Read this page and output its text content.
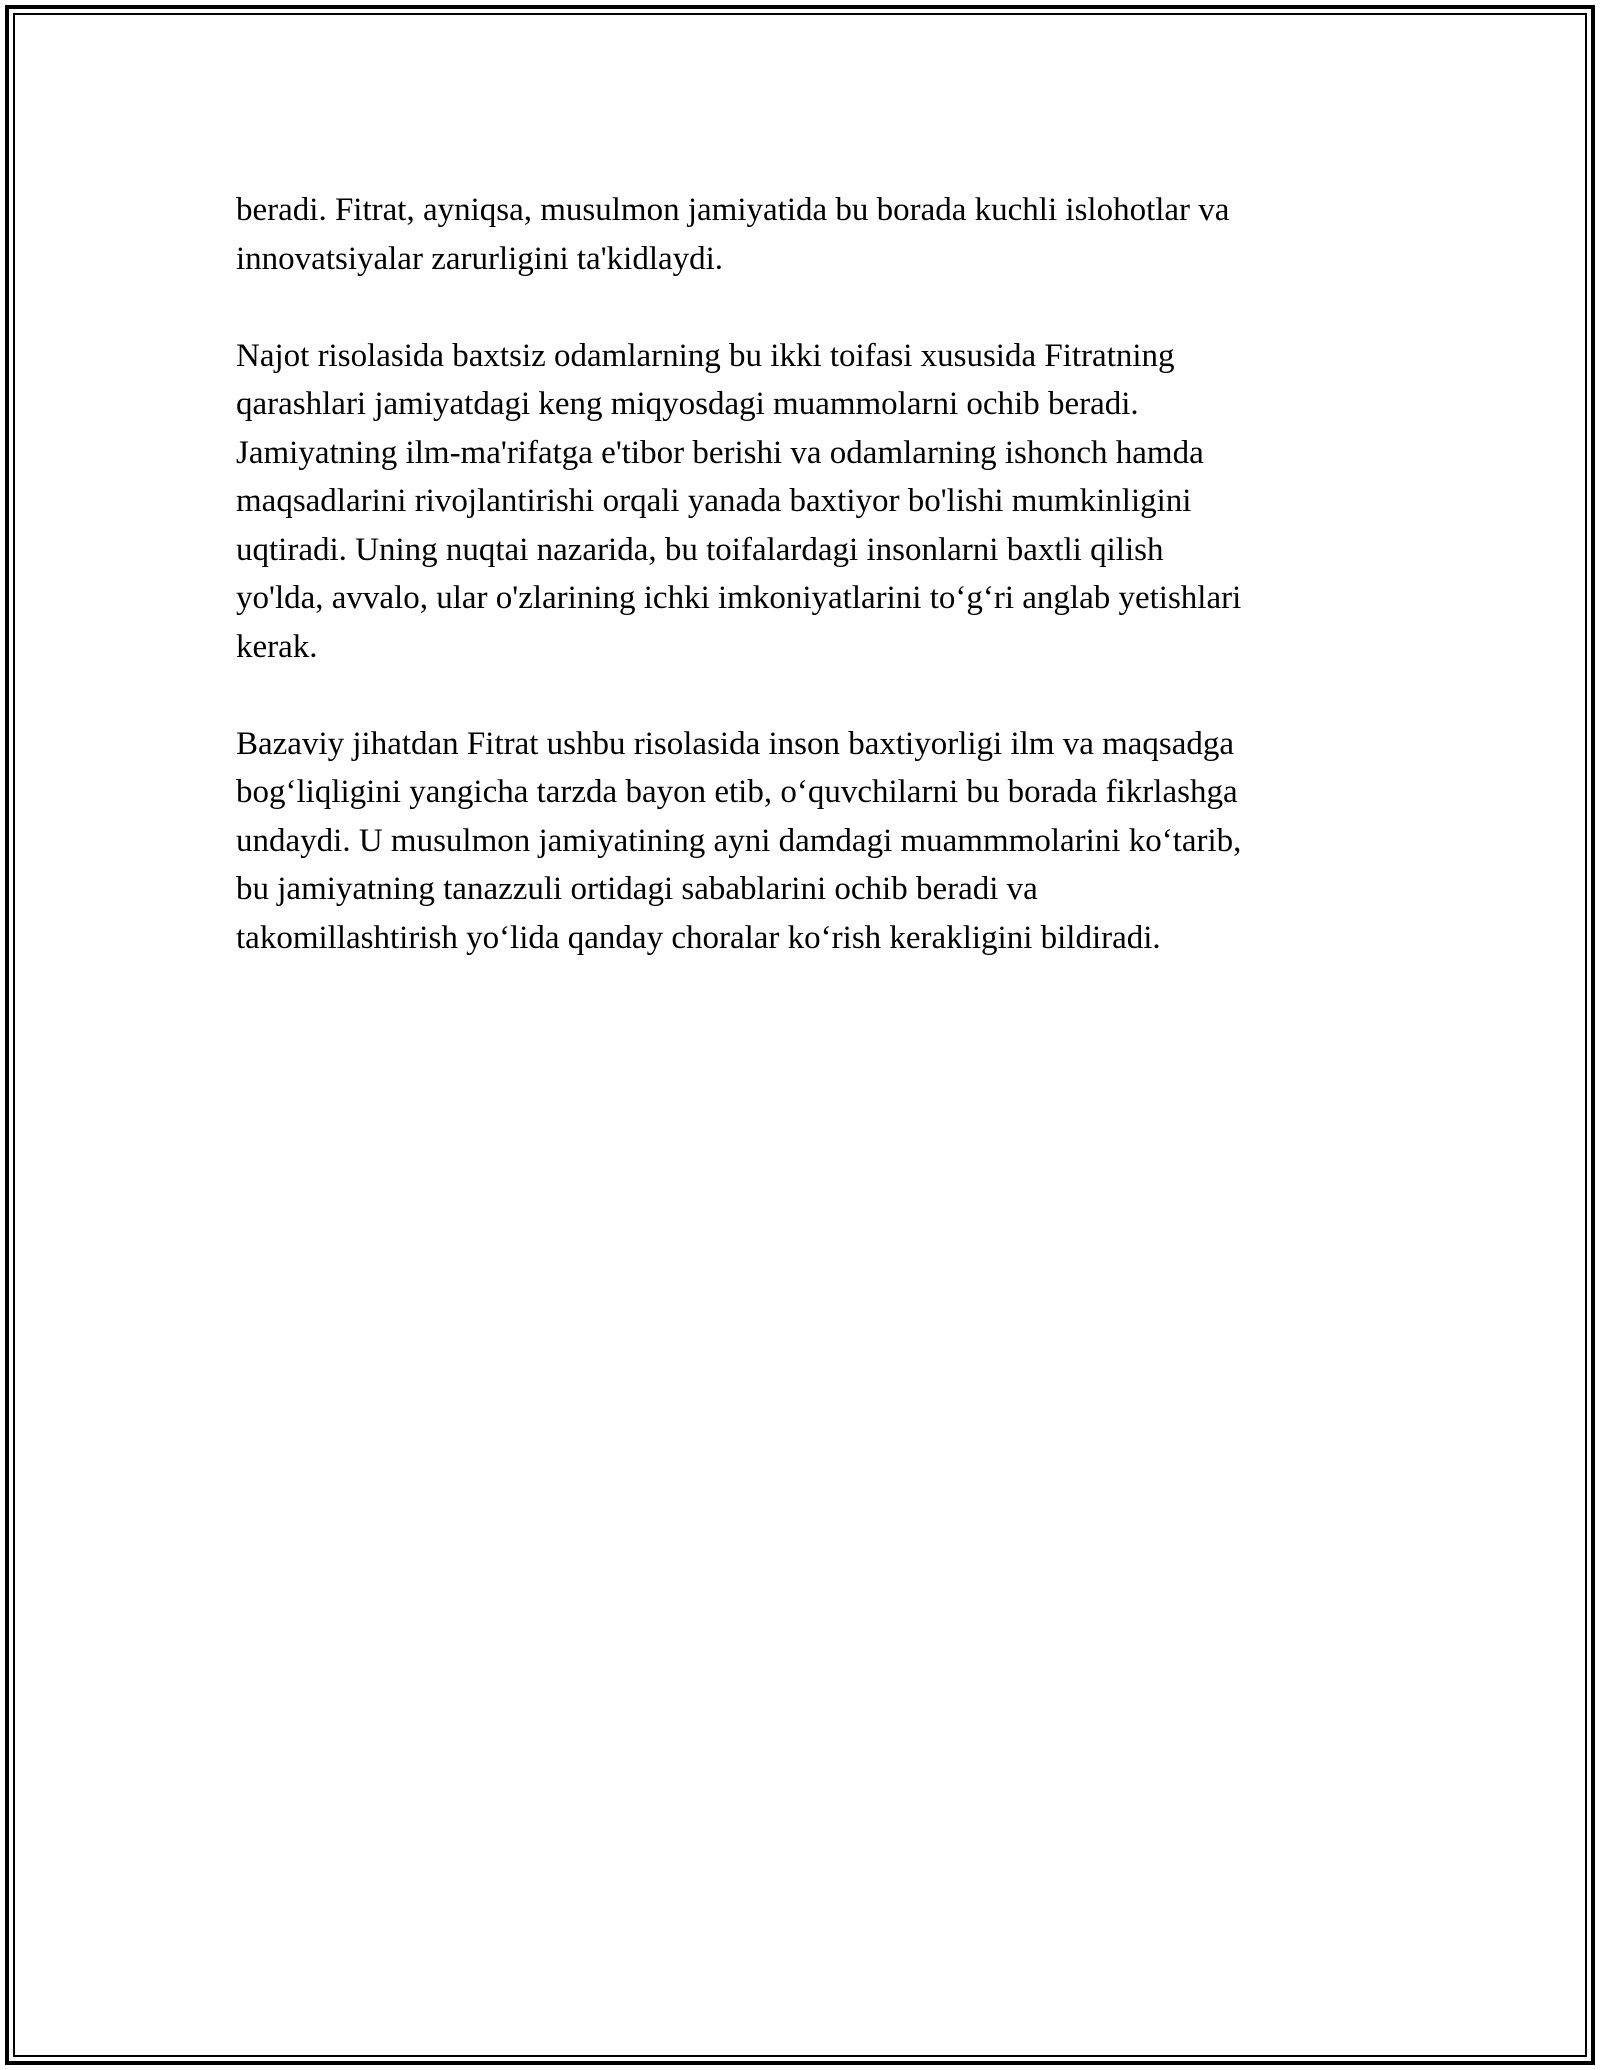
beradi. Fitrat, ayniqsa, musulmon jamiyatida bu borada kuchli islohotlar va
innovatsiyalar zarurligini ta'kidlaydi.

Najot risolasida baxtsiz odamlarning bu ikki toifasi xususida Fitratning
qarashlari jamiyatdagi keng miqyosdagi muammolarni ochib beradi.
Jamiyatning ilm-ma'rifatga e'tibor berishi va odamlarning ishonch hamda
maqsadlarini rivojlantirishi orqali yanada baxtiyor bo'lishi mumkinligini
uqtiradi. Uning nuqtai nazarida, bu toifalardagi insonlarni baxtli qilish
yo'lda, avvalo, ular o'zlarining ichki imkoniyatlarini to‘g‘ri anglab yetishlari
kerak.

Bazaviy jihatdan Fitrat ushbu risolasida inson baxtiyorligi ilm va maqsadga
bog‘liqligini yangicha tarzda bayon etib, o‘quvchilarni bu borada fikrlashga
undaydi. U musulmon jamiyatining ayni damdagi muammmolarini ko‘tarib,
bu jamiyatning tanazzuli ortidagi sabablarini ochib beradi va
takomillashtirish yo‘lida qanday choralar ko‘rish kerakligini bildiradi.
